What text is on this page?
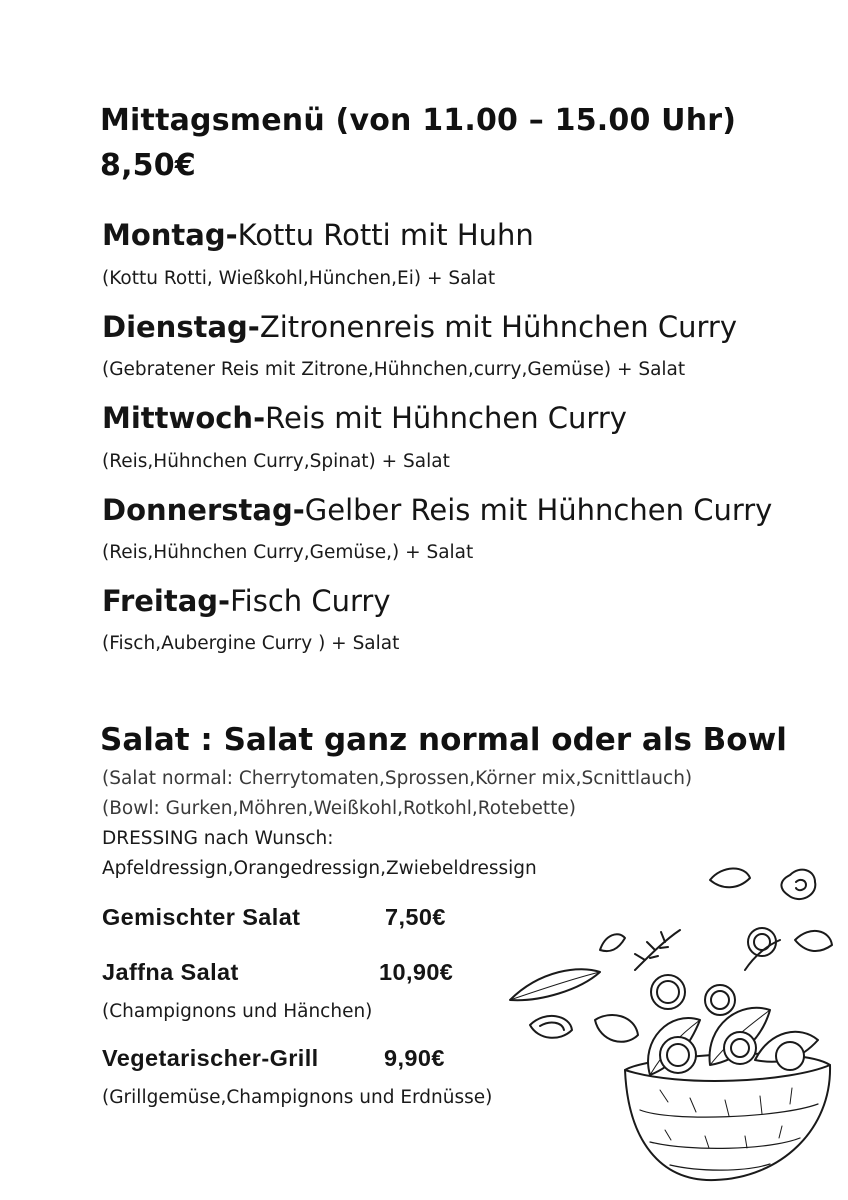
Mittagsmenü (von 11.00 – 15.00 Uhr)
8,50€
Montag-Kottu Rotti mit Huhn
(Kottu Rotti, Wießkohl,Hünchen,Ei) + Salat
Dienstag-Zitronenreis mit Hühnchen Curry
(Gebratener Reis mit Zitrone,Hühnchen,curry,Gemüse) + Salat
Mittwoch-Reis mit Hühnchen Curry
(Reis,Hühnchen Curry,Spinat) + Salat
Donnerstag-Gelber Reis mit Hühnchen Curry
(Reis,Hühnchen Curry,Gemüse,) + Salat
Freitag-Fisch Curry
(Fisch,Aubergine Curry ) + Salat
Salat : Salat ganz normal oder als Bowl
(Salat normal: Cherrytomaten,Sprossen,Körner mix,Scnittlauch)
(Bowl: Gurken,Möhren,Weißkohl,Rotkohl,Rotebette)
DRESSING nach Wunsch:
Apfeldressign,Orangedressign,Zwiebeldressign
Gemischter Salat	7,50€
Jaffna Salat	10,90€
(Champignons und Hänchen)
Vegetarischer-Grill	9,90€
(Grillgemüse,Champignons und Erdnüsse)
